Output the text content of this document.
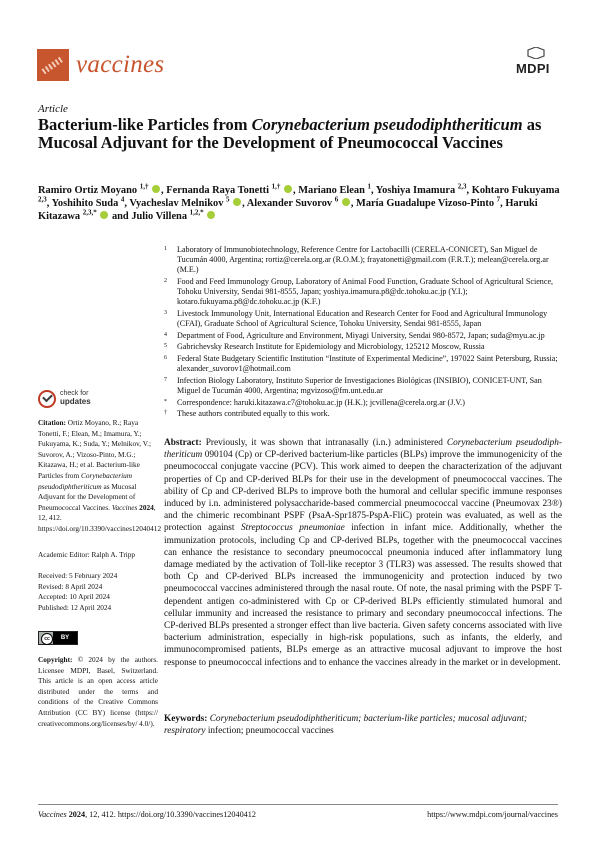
vaccines	MDPI
Article
Bacterium-like Particles from Corynebacterium pseudodiphtheriticum as Mucosal Adjuvant for the Development of Pneumococcal Vaccines
Ramiro Ortiz Moyano $^{1,\dagger}$ , Fernanda Raya Tonetti $^{1,\dagger}$ , Mariano Elean $^1$, Yoshiya Imamura $^{2,3}$, Kohtaro Fukuyama $^{2,3}$, Yoshihito Suda $^4$, Vyacheslav Melnikov $^5$ , Alexander Suvorov $^6$ , María Guadalupe Vizoso-Pinto $^7$, Haruki Kitazawa $^{2,3,*}$  and Julio Villena $^{1,2,*}$
1 Laboratory of Immunobiotechnology, Reference Centre for Lactobacilli (CERELA-CONICET), San Miguel de Tucumán 4000, Argentina; rortiz@cerela.org.ar (R.O.M.); frayatonetti@gmail.com (F.R.T.); melean@cerela.org.ar (M.E.)
2 Food and Feed Immunology Group, Laboratory of Animal Food Function, Graduate School of Agricultural Science, Tohoku University, Sendai 981-8555, Japan; yoshiya.imamura.p8@dc.tohoku.ac.jp (Y.I.); kotaro.fukuyama.p8@dc.tohoku.ac.jp (K.F.)
3 Livestock Immunology Unit, International Education and Research Center for Food and Agricultural Immunology (CFAI), Graduate School of Agricultural Science, Tohoku University, Sendai 981-8555, Japan
4 Department of Food, Agriculture and Environment, Miyagi University, Sendai 980-8572, Japan; suda@myu.ac.jp
5 Gabrichevsky Research Institute for Epidemiology and Microbiology, 125212 Moscow, Russia
6 Federal State Budgetary Scientific Institution “Institute of Experimental Medicine”, 197022 Saint Petersburg, Russia; alexander_suvorov1@hotmail.com
7 Infection Biology Laboratory, Instituto Superior de Investigaciones Biológicas (INSIBIO), CONICET-UNT, San Miguel de Tucumán 4000, Argentina; mgvizoso@fm.unt.edu.ar
* Correspondence: haruki.kitazawa.c7@tohoku.ac.jp (H.K.); jcvillena@cerela.org.ar (J.V.)
† These authors contributed equally to this work.
check for
updates
Citation: Ortiz Moyano, R.; Raya Tonetti, F.; Elean, M.; Imamura, Y.; Fukuyama, K.; Suda, Y.; Melnikov, V.; Suvorov, A.; Vizoso-Pinto, M.G.; Kitazawa, H.; et al. Bacterium-like Particles from Corynebacterium pseudodiphtheriticum as Mucosal Adjuvant for the Development of Pneumococcal Vaccines. Vaccines 2024, 12, 412. https://doi.org/10.3390/vaccines12040412
Academic Editor: Ralph A. Tripp
Received: 5 February 2024
Revised: 8 April 2024
Accepted: 10 April 2024
Published: 12 April 2024
cc	BY
Copyright: © 2024 by the authors. Licensee MDPI, Basel, Switzerland. This article is an open access article distributed under the terms and conditions of the Creative Commons Attribution (CC BY) license (https:// creativecommons.org/licenses/by/ 4.0/).

Abstract: Previously, it was shown that intranasally (i.n.) administered Corynebacterium pseudodiph-theriticum 090104 (Cp) or CP-derived bacterium-like particles (BLPs) improve the immunogenicity of the pneumococcal conjugate vaccine (PCV). This work aimed to deepen the characterization of the adjuvant properties of Cp and CP-derived BLPs for their use in the development of pneumococcal vaccines. The ability of Cp and CP-derived BLPs to improve both the humoral and cellular specific immune responses induced by i.n. administered polysaccharide-based commercial pneumococcal vaccine (Pneumovax 23®) and the chimeric recombinant PSPF (PsaA-Spr1875-PspA-FliC) protein was evaluated, as well as the protection against Streptococcus pneumoniae infection in infant mice. Additionally, whether the immunization protocols, including Cp and CP-derived BLPs, together with the pneumococcal vaccines can enhance the resistance to secondary pneumococcal pneumonia induced after inflammatory lung damage mediated by the activation of Toll-like receptor 3 (TLR3) was assessed. The results showed that both Cp and CP-derived BLPs increased the immunogenicity and protection induced by two pneumococcal vaccines administered through the nasal route. Of note, the nasal priming with the PSPF T-dependent antigen co-administered with Cp or CP-derived BLPs efficiently stimulated humoral and cellular immunity and increased the resistance to primary and secondary pneumococcal infections. The CP-derived BLPs presented a stronger effect than live bacteria. Given safety concerns associated with live bacterium administration, especially in high-risk populations, such as infants, the elderly, and immunocompromised patients, BLPs emerge as an attractive mucosal adjuvant to improve the host response to pneumococcal infections and to enhance the vaccines already in the market or in development.

Keywords: Corynebacterium pseudodiphtheriticum; bacterium-like particles; mucosal adjuvant; respiratory infection; pneumococcal vaccines

Vaccines 2024, 12, 412. https://doi.org/10.3390/vaccines12040412	https://www.mdpi.com/journal/vaccines
